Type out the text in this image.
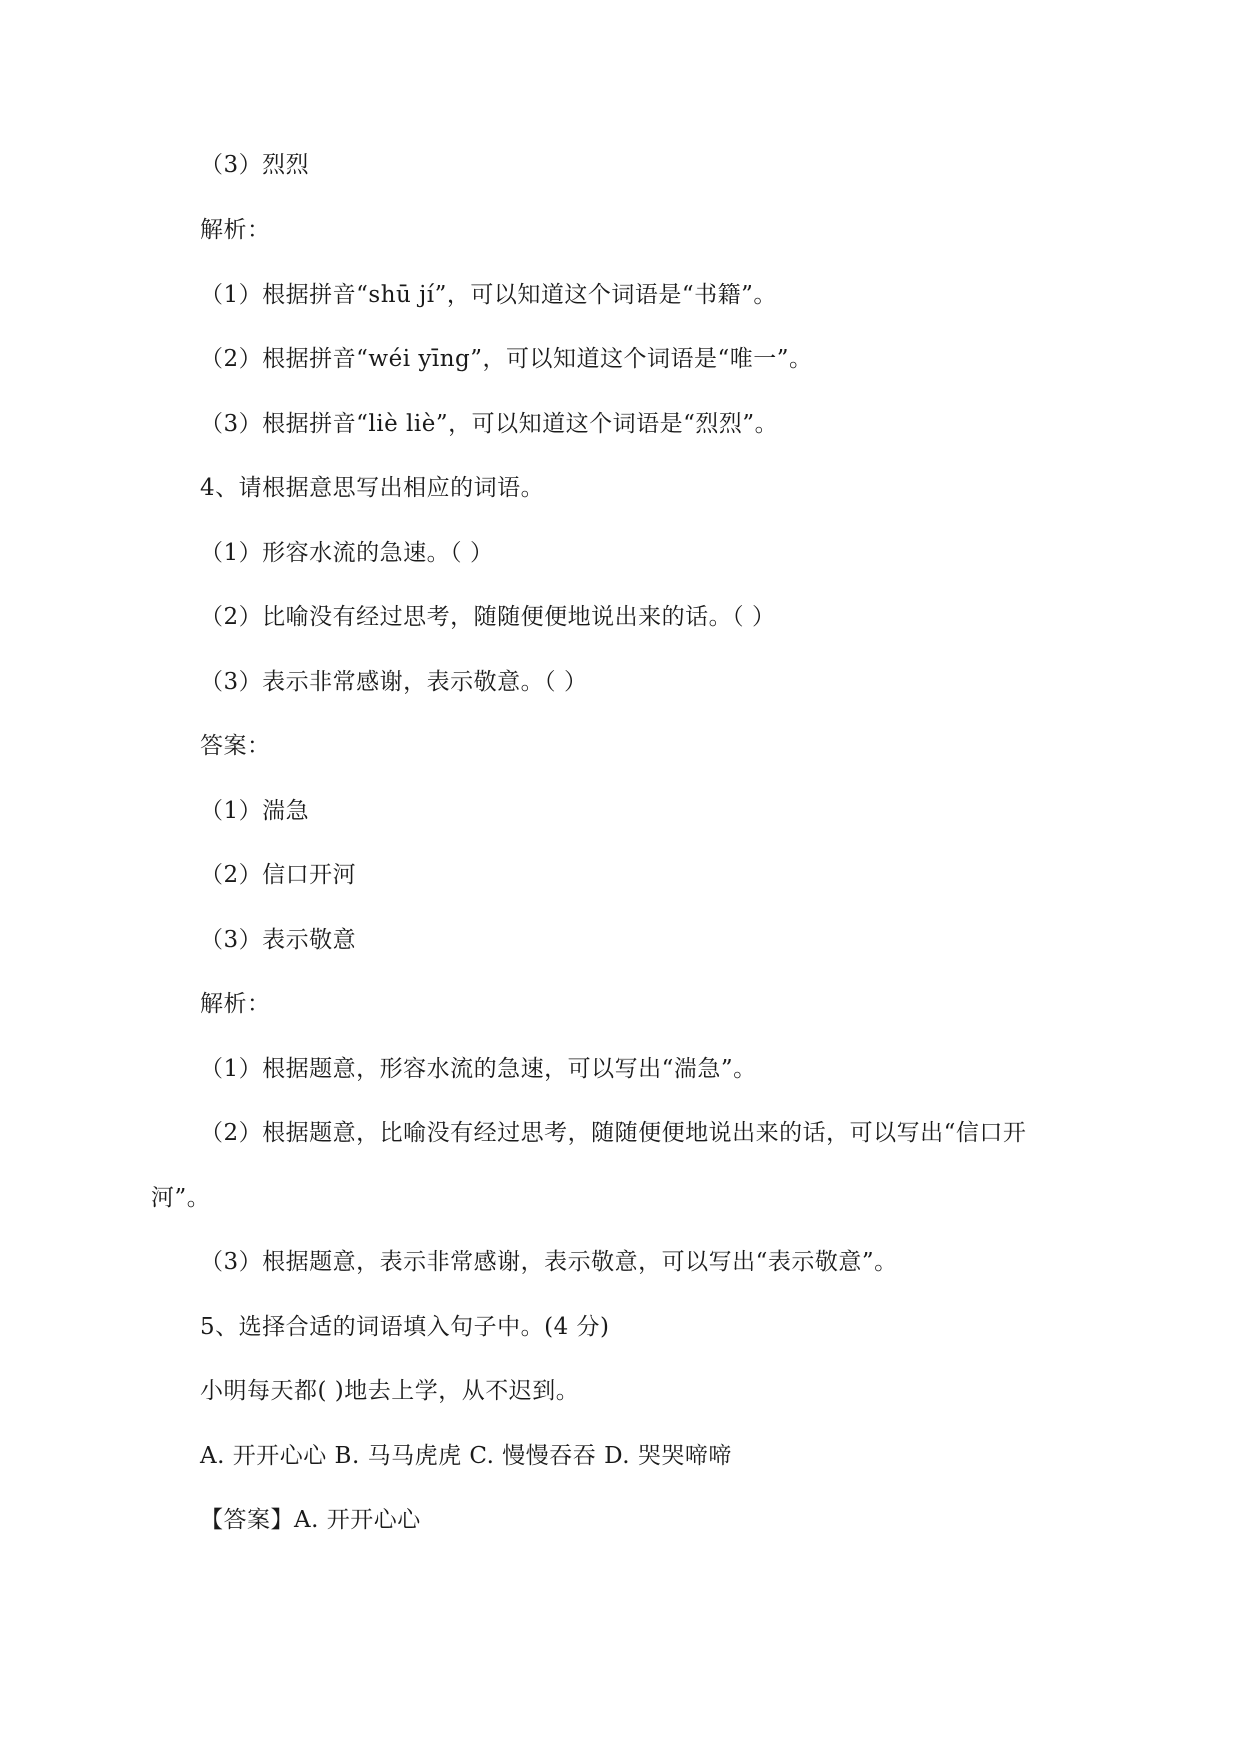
（3）烈烈
解析：
（1）根据拼音“shū jí”，可以知道这个词语是“书籍”。
（2）根据拼音“wéi yīng”，可以知道这个词语是“唯一”。
（3）根据拼音“liè liè”，可以知道这个词语是“烈烈”。
4、请根据意思写出相应的词语。
（1）形容水流的急速。（ ）
（2）比喻没有经过思考，随随便便地说出来的话。（ ）
（3）表示非常感谢，表示敬意。（ ）
答案：
（1）湍急
（2）信口开河
（3）表示敬意
解析：
（1）根据题意，形容水流的急速，可以写出“湍急”。
（2）根据题意，比喻没有经过思考，随随便便地说出来的话，可以写出“信口开
河”。
（3）根据题意，表示非常感谢，表示敬意，可以写出“表示敬意”。
5、选择合适的词语填入句子中。(4 分)
小明每天都( )地去上学，从不迟到。
A. 开开心心 B. 马马虎虎 C. 慢慢吞吞 D. 哭哭啼啼
【答案】A. 开开心心
